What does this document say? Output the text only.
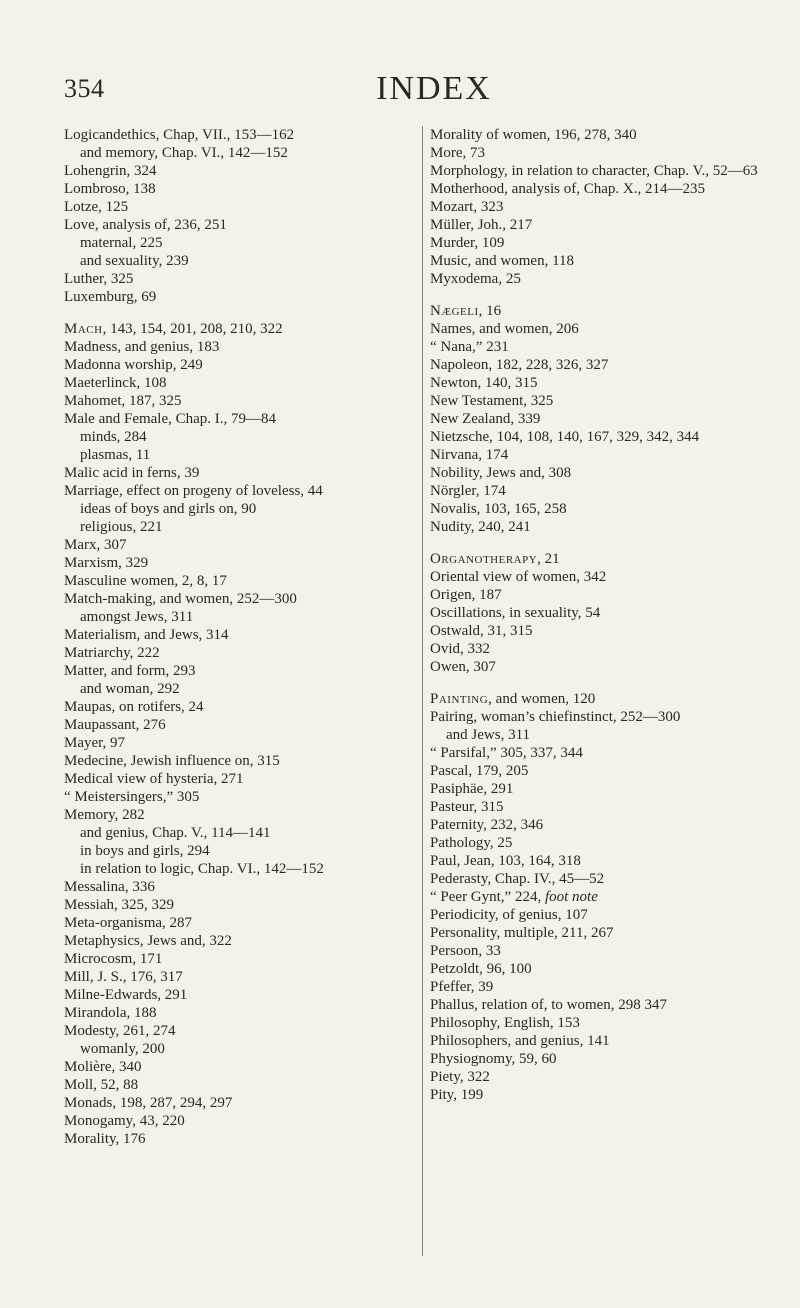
354	INDEX
Logicandethics, Chap, VII., 153—162
and memory, Chap. VI., 142—152
Lohengrin, 324
Lombroso, 138
Lotze, 125
Love, analysis of, 236, 251
maternal, 225
and sexuality, 239
Luther, 325
Luxemburg, 69
Mach, 143, 154, 201, 208, 210, 322
Madness, and genius, 183
Madonna worship, 249
Maeterlinck, 108
Mahomet, 187, 325
Male and Female, Chap. I., 79—84
minds, 284
plasmas, 11
Malic acid in ferns, 39
Marriage, effect on progeny of loveless, 44
ideas of boys and girls on, 90
religious, 221
Marx, 307
Marxism, 329
Masculine women, 2, 8, 17
Match-making, and women, 252—300
amongst Jews, 311
Materialism, and Jews, 314
Matriarchy, 222
Matter, and form, 293
and woman, 292
Maupas, on rotifers, 24
Maupassant, 276
Mayer, 97
Medecine, Jewish influence on, 315
Medical view of hysteria, 271
“ Meistersingers,” 305
Memory, 282
and genius, Chap. V., 114—141
in boys and girls, 294
in relation to logic, Chap. VI., 142—152
Messalina, 336
Messiah, 325, 329
Meta-organisma, 287
Metaphysics, Jews and, 322
Microcosm, 171
Mill, J. S., 176, 317
Milne-Edwards, 291
Mirandola, 188
Modesty, 261, 274
womanly, 200
Molière, 340
Moll, 52, 88
Monads, 198, 287, 294, 297
Monogamy, 43, 220
Morality, 176
Morality of women, 196, 278, 340
More, 73
Morphology, in relation to character, Chap. V., 52—63
Motherhood, analysis of, Chap. X., 214—235
Mozart, 323
Müller, Joh., 217
Murder, 109
Music, and women, 118
Myxodema, 25
Nægeli, 16
Names, and women, 206
“ Nana,” 231
Napoleon, 182, 228, 326, 327
Newton, 140, 315
New Testament, 325
New Zealand, 339
Nietzsche, 104, 108, 140, 167, 329, 342, 344
Nirvana, 174
Nobility, Jews and, 308
Nörgler, 174
Novalis, 103, 165, 258
Nudity, 240, 241
Organotherapy, 21
Oriental view of women, 342
Origen, 187
Oscillations, in sexuality, 54
Ostwald, 31, 315
Ovid, 332
Owen, 307
Painting, and women, 120
Pairing, woman’s chiefinstinct, 252—300
and Jews, 311
“ Parsifal,” 305, 337, 344
Pascal, 179, 205
Pasiphäe, 291
Pasteur, 315
Paternity, 232, 346
Pathology, 25
Paul, Jean, 103, 164, 318
Pederasty, Chap. IV., 45—52
“ Peer Gynt,” 224, foot note
Periodicity, of genius, 107
Personality, multiple, 211, 267
Persoon, 33
Petzoldt, 96, 100
Pfeffer, 39
Phallus, relation of, to women, 298 347
Philosophy, English, 153
Philosophers, and genius, 141
Physiognomy, 59, 60
Piety, 322
Pity, 199
